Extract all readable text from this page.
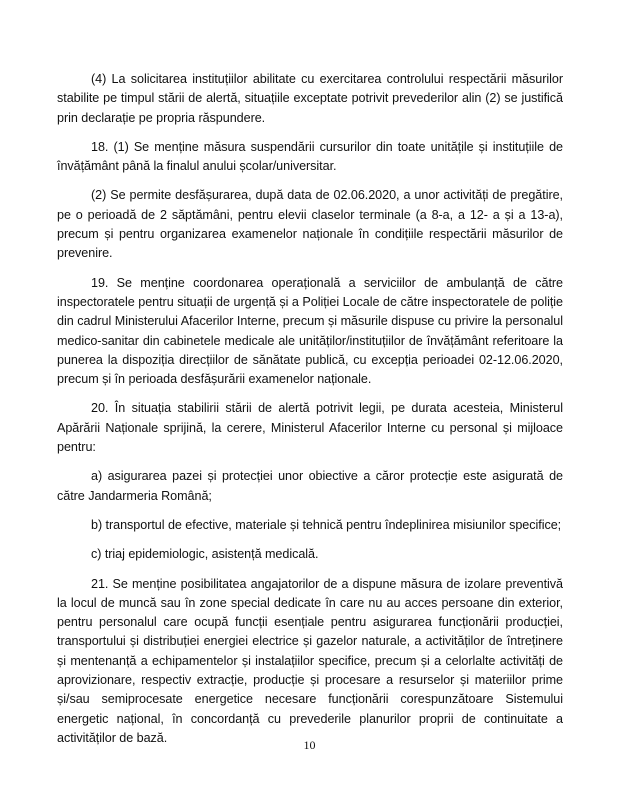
(4) La solicitarea instituțiilor abilitate cu exercitarea controlului respectării măsurilor stabilite pe timpul stării de alertă, situațiile exceptate potrivit prevederilor alin (2) se justifică prin declarație pe propria răspundere.

18. (1) Se menține măsura suspendării cursurilor din toate unitățile și instituțiile de învățământ până la finalul anului școlar/universitar.

(2) Se permite desfășurarea, după data de 02.06.2020, a unor activități de pregătire, pe o perioadă de 2 săptămâni, pentru elevii claselor terminale (a 8-a, a 12- a și a 13-a), precum și pentru organizarea examenelor naționale în condițiile respectării măsurilor de prevenire.

19. Se menține coordonarea operațională a serviciilor de ambulanță de către inspectoratele pentru situații de urgență și a Poliției Locale de către inspectoratele de poliție din cadrul Ministerului Afacerilor Interne, precum și măsurile dispuse cu privire la personalul medico-sanitar din cabinetele medicale ale unităților/instituțiilor de învățământ referitoare la punerea la dispoziția direcțiilor de sănătate publică, cu excepția perioadei 02-12.06.2020, precum și în perioada desfășurării examenelor naționale.

20. În situația stabilirii stării de alertă potrivit legii, pe durata acesteia, Ministerul Apărării Naționale sprijină, la cerere, Ministerul Afacerilor Interne cu personal și mijloace pentru:

a) asigurarea pazei și protecției unor obiective a căror protecție este asigurată de către Jandarmeria Română;

b) transportul de efective, materiale și tehnică pentru îndeplinirea misiunilor specifice;

c) triaj epidemiologic, asistență medicală.

21. Se menține posibilitatea angajatorilor de a dispune măsura de izolare preventivă la locul de muncă sau în zone special dedicate în care nu au acces persoane din exterior, pentru personalul care ocupă funcții esențiale pentru asigurarea funcționării producției, transportului și distribuției energiei electrice și gazelor naturale, a activităților de întreținere și mentenanță a echipamentelor și instalațiilor specifice, precum și a celorlalte activități de aprovizionare, respectiv extracție, producție și procesare a resurselor și materiilor prime și/sau semiprocesate energetice necesare funcționării corespunzătoare Sistemului energetic național, în concordanță cu prevederile planurilor proprii de continuitate a activităților de bază.

10
